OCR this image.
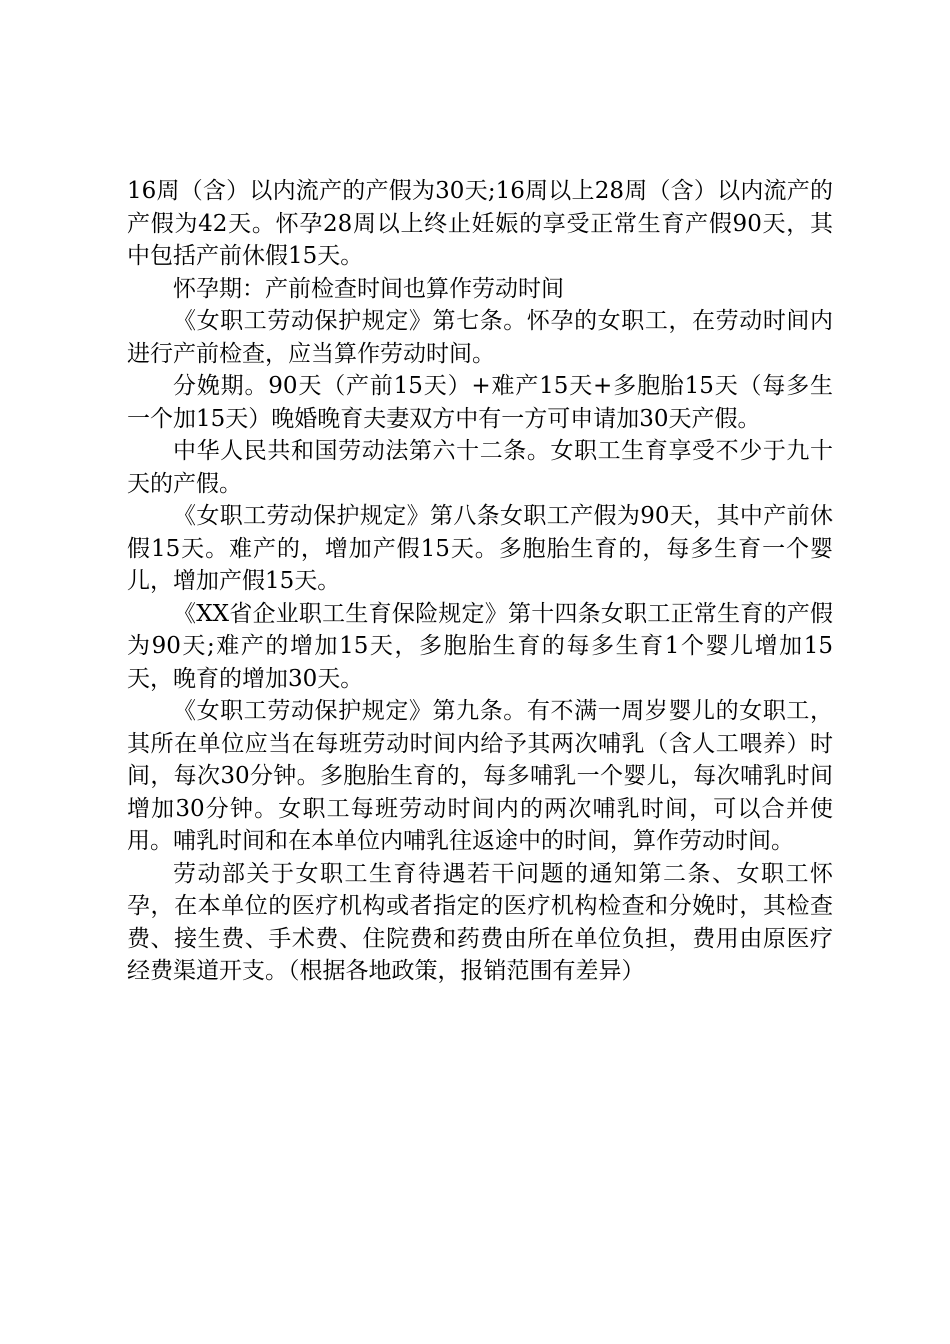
16周（含）以内流产的产假为30天;16周以上28周（含）以内流产的产假为42天。怀孕28周以上终止妊娠的享受正常生育产假90天，其中包括产前休假15天。

怀孕期：产前检查时间也算作劳动时间

《女职工劳动保护规定》第七条。怀孕的女职工，在劳动时间内进行产前检查，应当算作劳动时间。

分娩期。90天（产前15天）+难产15天+多胞胎15天（每多生一个加15天）晚婚晚育夫妻双方中有一方可申请加30天产假。

中华人民共和国劳动法第六十二条。女职工生育享受不少于九十天的产假。

《女职工劳动保护规定》第八条女职工产假为90天，其中产前休假15天。难产的，增加产假15天。多胞胎生育的，每多生育一个婴儿，增加产假15天。

《XX省企业职工生育保险规定》第十四条女职工正常生育的产假为90天;难产的增加15天，多胞胎生育的每多生育1个婴儿增加15天，晚育的增加30天。

《女职工劳动保护规定》第九条。有不满一周岁婴儿的女职工，其所在单位应当在每班劳动时间内给予其两次哺乳（含人工喂养）时间，每次30分钟。多胞胎生育的，每多哺乳一个婴儿，每次哺乳时间增加30分钟。女职工每班劳动时间内的两次哺乳时间，可以合并使用。哺乳时间和在本单位内哺乳往返途中的时间，算作劳动时间。

劳动部关于女职工生育待遇若干问题的通知第二条、女职工怀孕，在本单位的医疗机构或者指定的医疗机构检查和分娩时，其检查费、接生费、手术费、住院费和药费由所在单位负担，费用由原医疗经费渠道开支。（根据各地政策，报销范围有差异）
